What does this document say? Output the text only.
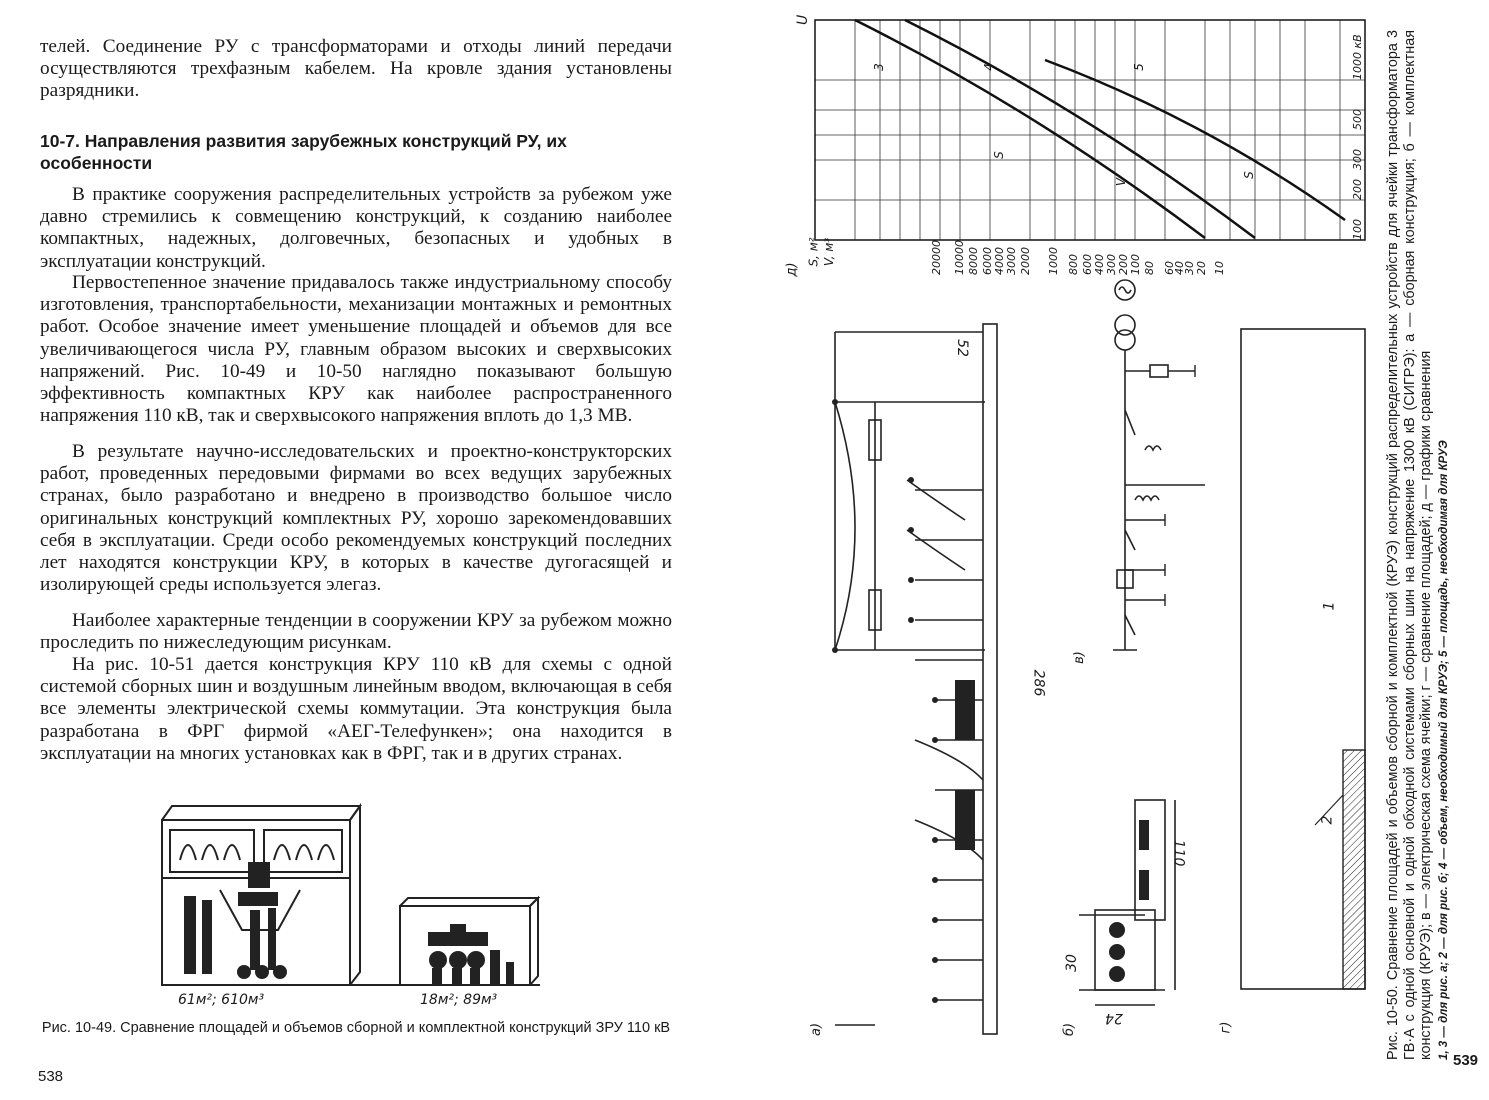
телей. Соединение РУ с трансформаторами и отходы линий передачи осуществляются трехфазным кабелем. На кровле здания установлены разрядники.

10-7. Направления развития зарубежных конструкций РУ, их особенности

В практике сооружения распределительных устройств за рубежом уже давно стремились к совмещению конструкций, к созданию наиболее компактных, надежных, долговечных, безопасных и удобных в эксплуатации конструкций.

Первостепенное значение придавалось также индустриальному способу изготовления, транспортабельности, механизации монтажных и ремонтных работ. Особое значение имеет уменьшение площадей и объемов для все увеличивающегося числа РУ, главным образом высоких и сверхвысоких напряжений. Рис. 10-49 и 10-50 наглядно показывают большую эффективность компактных КРУ как наиболее распространенного напряжения 110 кВ, так и сверхвысокого напряжения вплоть до 1,3 МВ.

В результате научно-исследовательских и проектно-конструкторских работ, проведенных передовыми фирмами во всех ведущих зарубежных странах, было разработано и внедрено в производство большое число оригинальных конструкций комплектных РУ, хорошо зарекомендовавших себя в эксплуатации. Среди особо рекомендуемых конструкций последних лет находятся конструкции КРУ, в которых в качестве дугогасящей и изолирующей среды используется элегаз.

Наиболее характерные тенденции в сооружении КРУ за рубежом можно проследить по нижеследующим рисункам.

На рис. 10-51 дается конструкция КРУ 110 кВ для схемы с одной системой сборных шин и воздушным линейным вводом, включающая в себя все элементы электрической схемы коммутации. Эта конструкция была разработана в ФРГ фирмой «АЕГ-Телефункен»; она находится в эксплуатации на многих установках как в ФРГ, так и в других странах.

61м²; 610м³	18м²; 89м³
Рис. 10-49. Сравнение площадей и объемов сборной и комплектной конструкций ЗРУ 110 кВ
538
U
Рис. 10-50. Сравнение площадей и объемов сборной и комплектной (КРУЭ) конструкций распределительных устройств для ячейки трансформатора 3 ГВ·А с одной основной и одной обходной системами сборных шин на напряжение 1300 кВ (СИГРЭ): а — сборная конструкция; б — комплектная конструкция (КРУЭ); в — электрическая схема ячейки; г — сравнение площадей; д — графики сравнения 1, 3 — для рис. а; 2 — для рис. б; 4 — объем, необходимый для КРУЭ; 5 — площадь, необходимая для КРУЭ
52
286
а)
110
30
24
б)
в)
1
2
г)
д)
S, м² V, м³
539
20000 10000 8000 6000 4000 3000 2000 1000 800 600 400 300 200 100 80 60
40
30 20 10
100
200
300
500
1000 кВ
3	4	5
S
V
S
